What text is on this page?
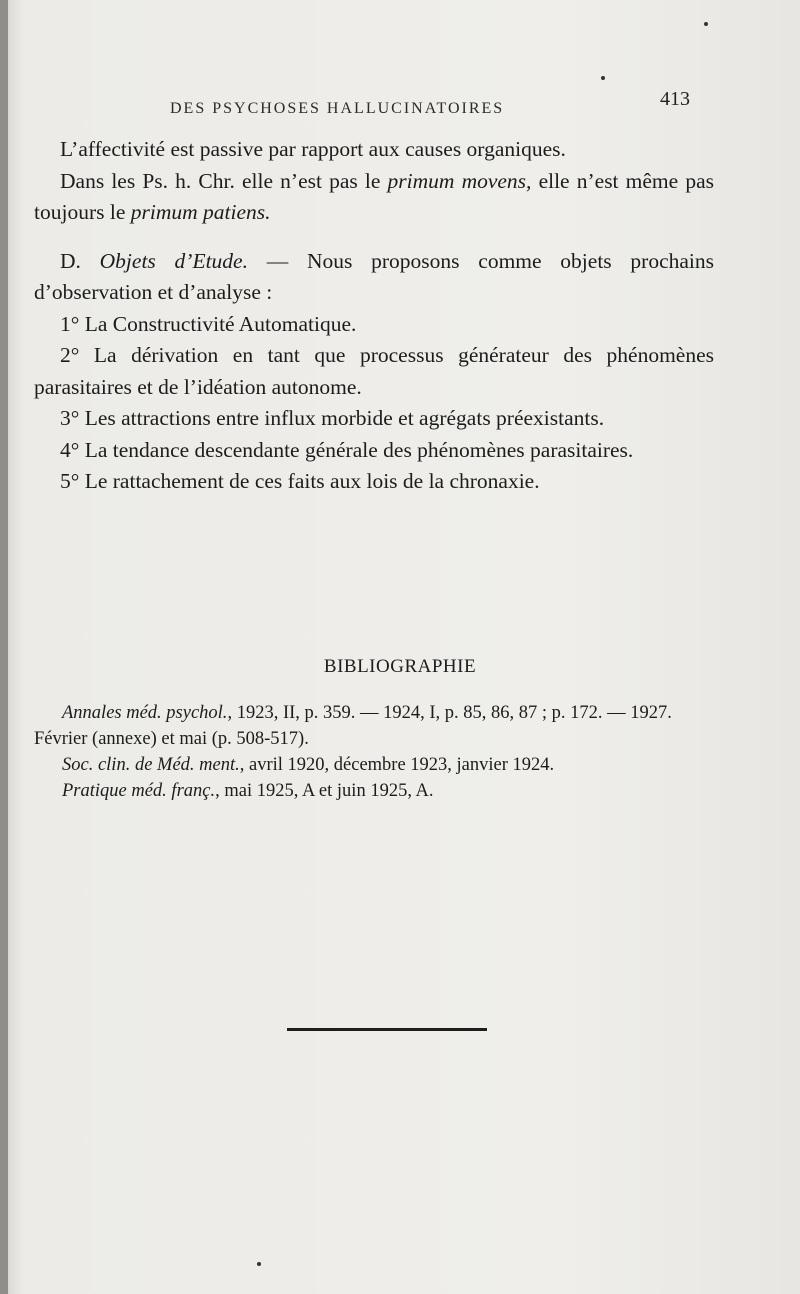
DES PSYCHOSES HALLUCINATOIRES	413

L’affectivité est passive par rapport aux causes organiques.

Dans les Ps. h. Chr. elle n’est pas le primum movens, elle n’est même pas toujours le primum patiens.

D. Objets d’Etude. — Nous proposons comme objets prochains d’observation et d’analyse :

1° La Constructivité Automatique.

2° La dérivation en tant que processus générateur des phénomènes parasitaires et de l’idéation autonome.

3° Les attractions entre influx morbide et agrégats préexistants.

4° La tendance descendante générale des phénomènes parasitaires.

5° Le rattachement de ces faits aux lois de la chronaxie.

BIBLIOGRAPHIE

Annales méd. psychol., 1923, II, p. 359. — 1924, I, p. 85, 86, 87 ; p. 172. — 1927. Février (annexe) et mai (p. 508-517).

Soc. clin. de Méd. ment., avril 1920, décembre 1923, janvier 1924.

Pratique méd. franç., mai 1925, A et juin 1925, A.
